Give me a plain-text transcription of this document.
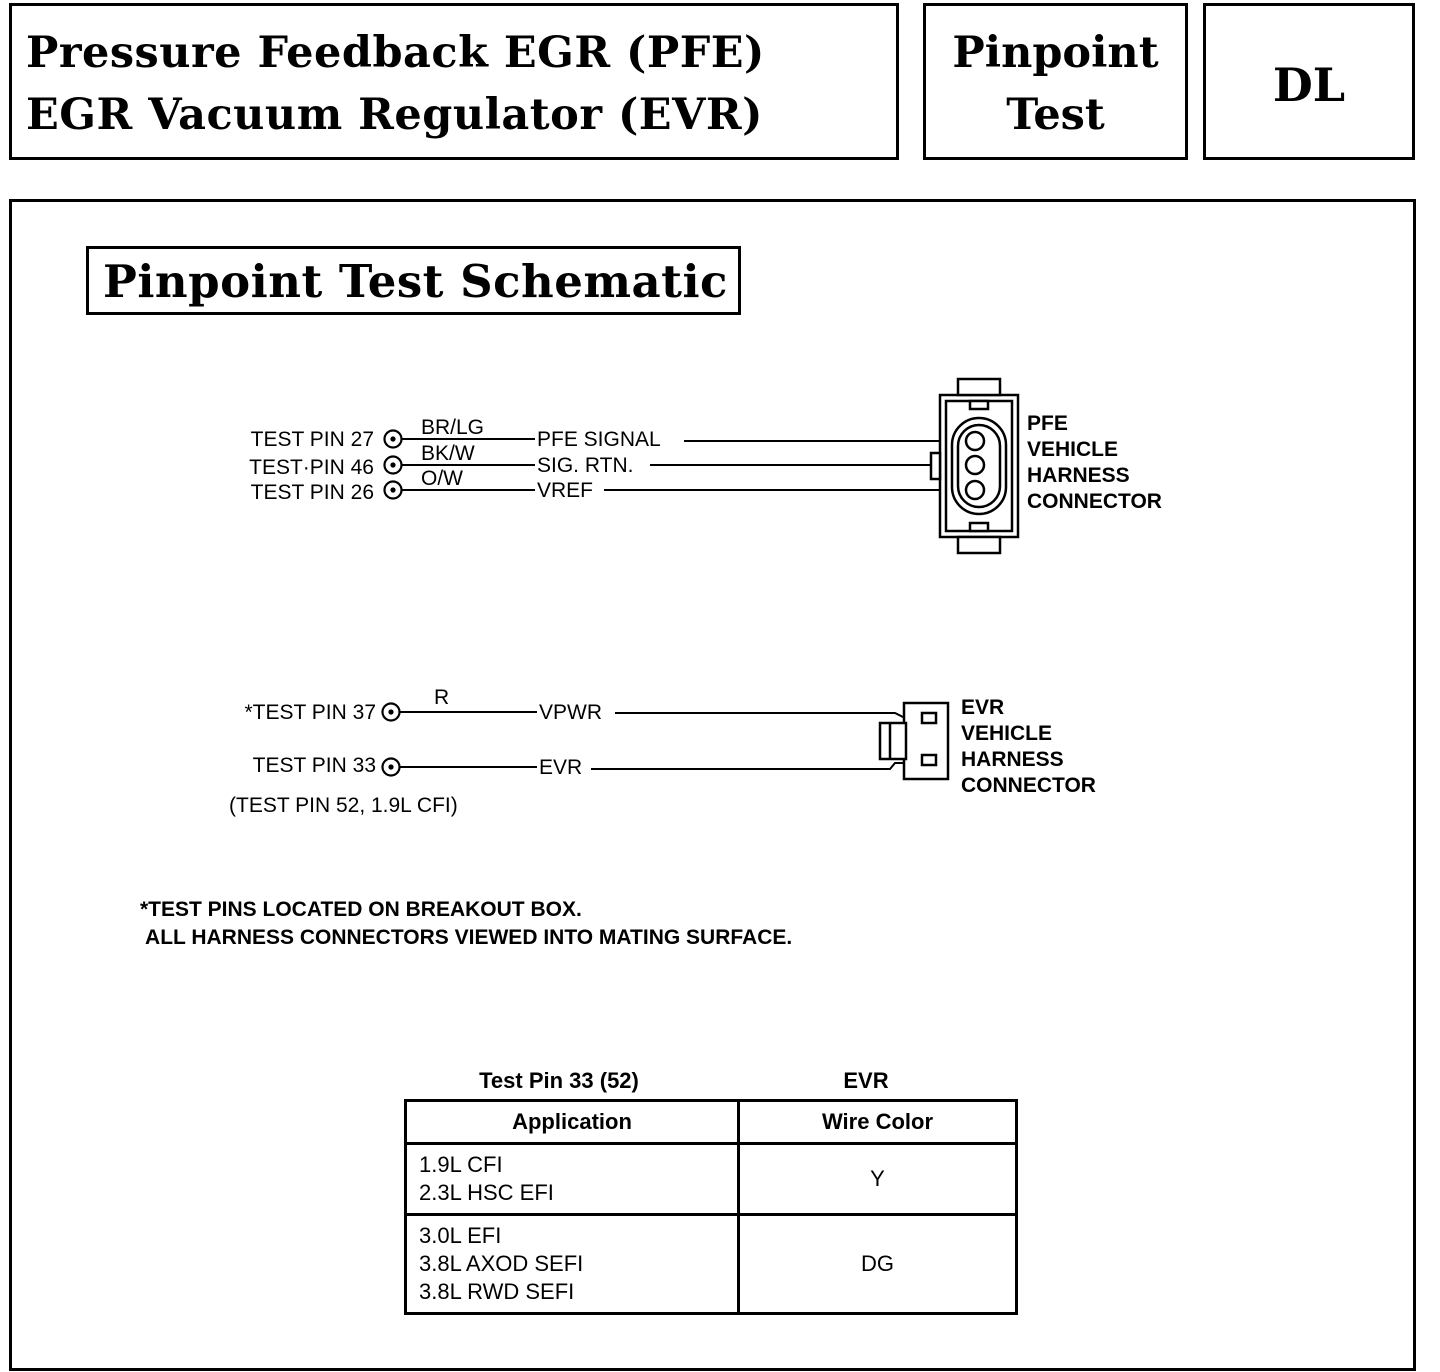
Pressure Feedback EGR (PFE)
EGR Vacuum Regulator (EVR)
Pinpoint
Test
DL
Pinpoint Test Schematic
TEST PIN 27
TEST·PIN 46
TEST PIN 26
BR/LG
BK/W
O/W
PFE SIGNAL
SIG. RTN.
VREF
PFE
VEHICLE
HARNESS
CONNECTOR
*TEST PIN 37
TEST PIN 33
R
VPWR
EVR
EVR
VEHICLE
HARNESS
CONNECTOR
(TEST PIN 52, 1.9L CFI)
*TEST PINS LOCATED ON BREAKOUT BOX.
ALL HARNESS CONNECTORS VIEWED INTO MATING SURFACE.
Test Pin 33 (52)	EVR
Application	Wire Color

1.9L CFI
2.3L HSC EFI	Y

3.0L EFI
3.8L AXOD SEFI
3.8L RWD SEFI	DG
